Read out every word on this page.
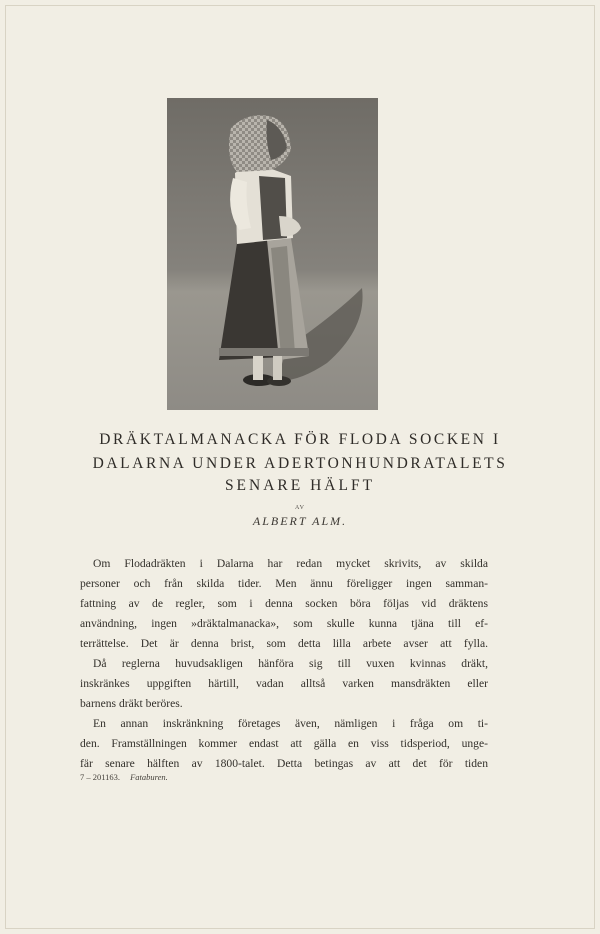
DRÄKTALMANACKA FÖR FLODA SOCKEN I
DALARNA UNDER ADERTONHUNDRATALETS
SENARE HÄLFT
AV
ALBERT ALM.
Om Flodadräkten i Dalarna har redan mycket skrivits, av skilda
personer och från skilda tider. Men ännu föreligger ingen samman-
fattning av de regler, som i denna socken böra följas vid dräktens
användning, ingen »dräktalmanacka», som skulle kunna tjäna till ef-
terrättelse. Det är denna brist, som detta lilla arbete avser att fylla.
Då reglerna huvudsakligen hänföra sig till vuxen kvinnas dräkt,
inskränkes uppgiften härtill, vadan alltså varken mansdräkten eller
barnens dräkt beröres.
En annan inskränkning företages även, nämligen i fråga om ti-
den. Framställningen kommer endast att gälla en viss tidsperiod, unge-
fär senare hälften av 1800-talet. Detta betingas av att det för tiden
7 – 201163. Fataburen.
